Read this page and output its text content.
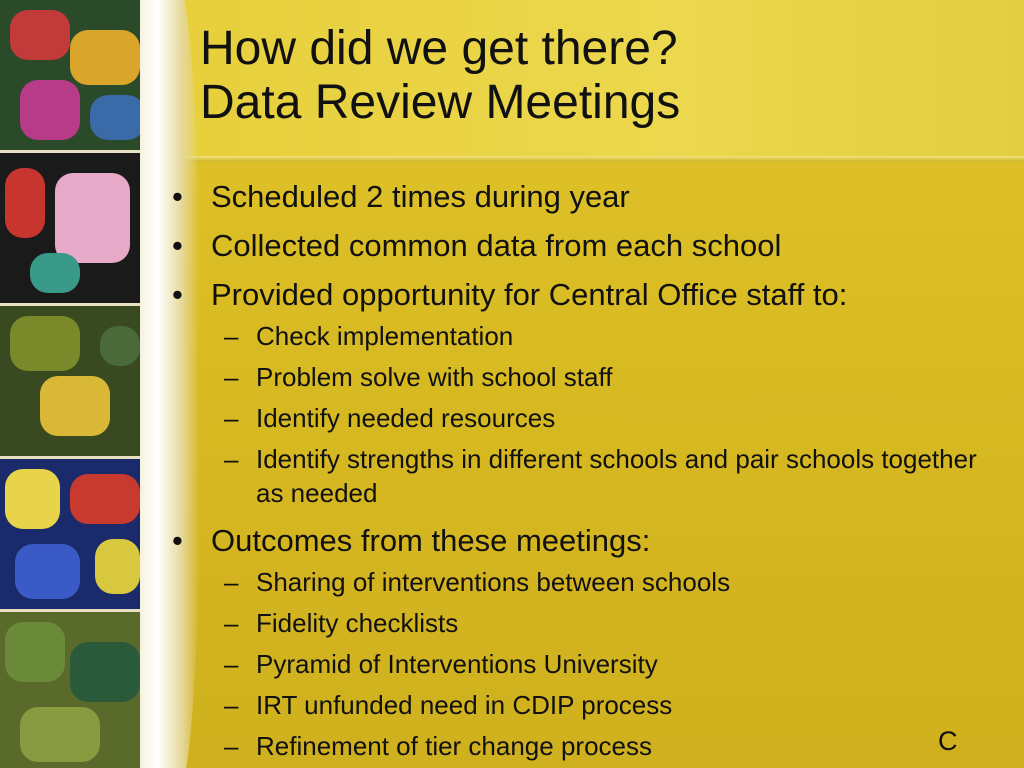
How did we get there?
Data Review Meetings
• Scheduled 2 times during year
• Collected common data from each school
• Provided opportunity for Central Office staff to:
– Check implementation
– Problem solve with school staff
– Identify needed resources
– Identify strengths in different schools and pair schools together as needed
• Outcomes from these meetings:
– Sharing of interventions between schools
– Fidelity checklists
– Pyramid of Interventions University
– IRT unfunded need in CDIP process
– Refinement of tier change process	C
